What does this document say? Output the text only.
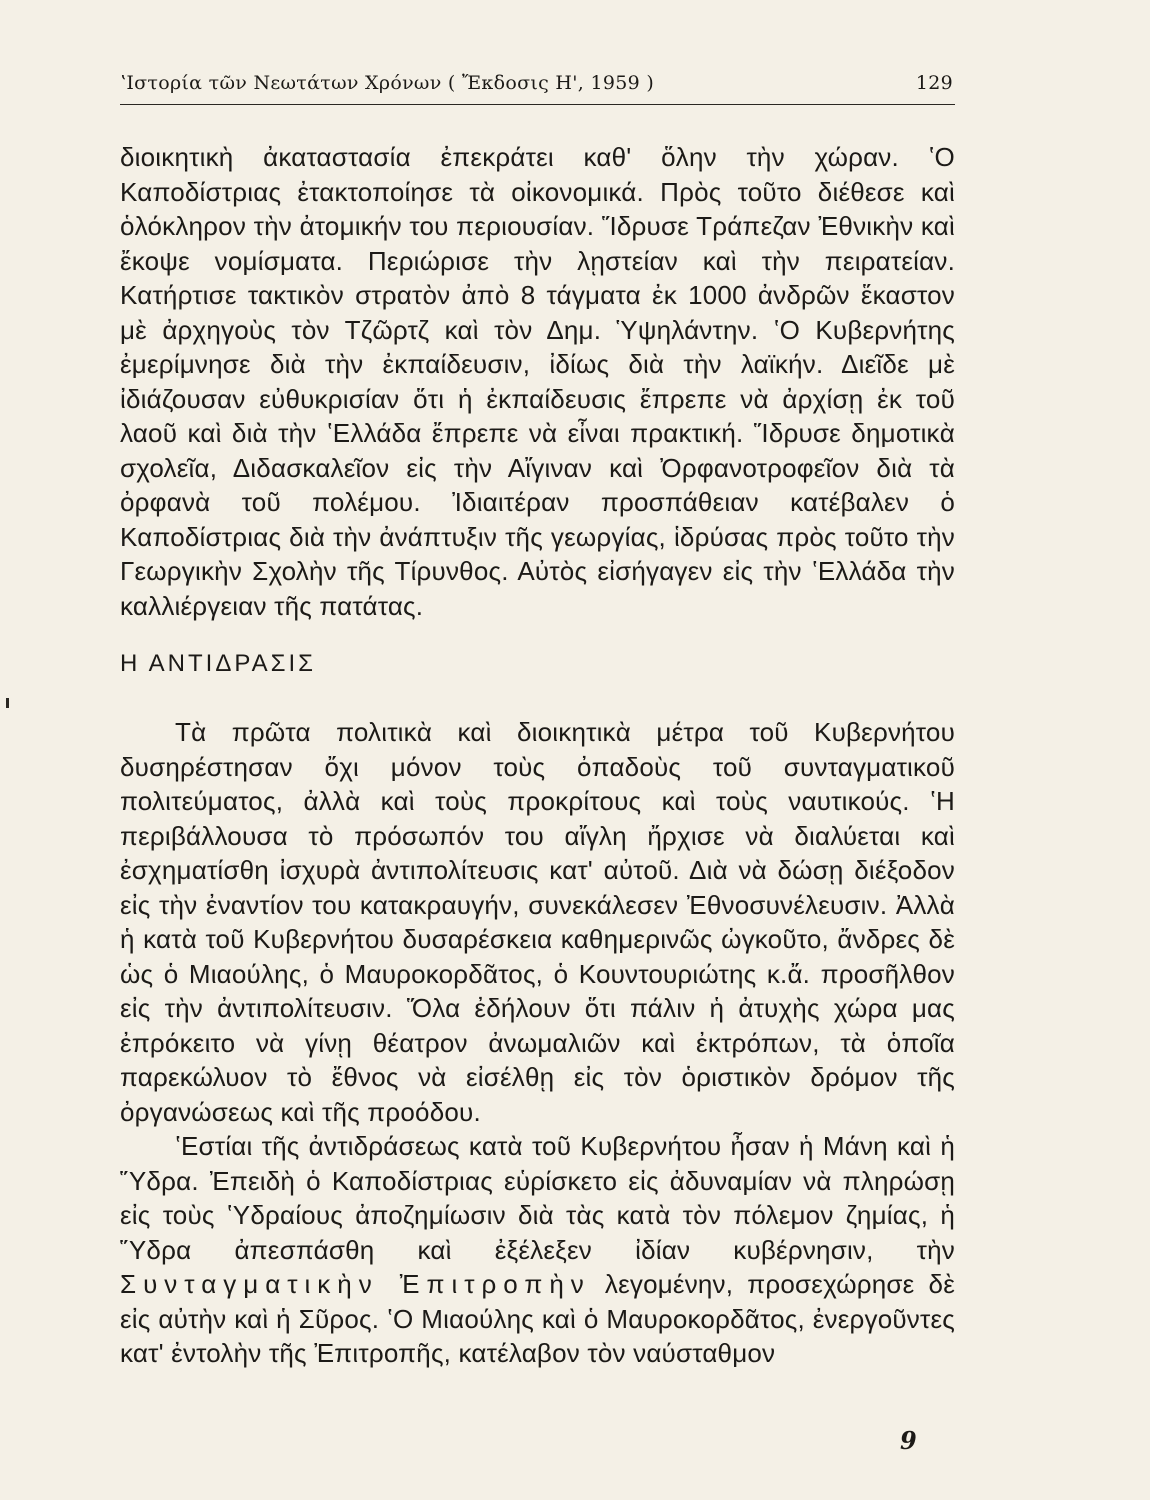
ʽΙστορία τῶν Νεωτάτων Χρόνων ( Ἔκδοσις Η', 1959 )	129

διοικητικὴ ἀκαταστασία ἐπεκράτει καθ' ὅλην τὴν χώραν. ʽΟ Καποδίστριας ἐτακτοποίησε τὰ οἰκονομικά. Πρὸς τοῦτο διέθεσε καὶ ὁλόκληρον τὴν ἀτομικήν του περιουσίαν. Ἵδρυσε Τράπεζαν Ἐθνικὴν καὶ ἔκοψε νομίσματα. Περιώρισε τὴν λῃστείαν καὶ τὴν πειρατείαν. Κατήρτισε τακτικὸν στρατὸν ἀπὸ 8 τάγματα ἐκ 1000 ἀνδρῶν ἕκαστον μὲ ἀρχηγοὺς τὸν Τζῶρτζ καὶ τὸν Δημ. Ὑψηλάντην. ʽΟ Κυβερνήτης ἐμερίμνησε διὰ τὴν ἐκπαίδευσιν, ἰδίως διὰ τὴν λαϊκήν. Διεῖδε μὲ ἰδιάζουσαν εὐθυκρισίαν ὅτι ἡ ἐκπαίδευσις ἔπρεπε νὰ ἀρχίσῃ ἐκ τοῦ λαοῦ καὶ διὰ τὴν ʽΕλλάδα ἔπρεπε νὰ εἶναι πρακτική. Ἵδρυσε δημοτικὰ σχολεῖα, Διδασκαλεῖον εἰς τὴν Αἴγιναν καὶ Ὀρφανοτροφεῖον διὰ τὰ ὀρφανὰ τοῦ πολέμου. Ἰδιαιτέραν προσπάθειαν κατέβαλεν ὁ Καποδίστριας διὰ τὴν ἀνάπτυξιν τῆς γεωργίας, ἱδρύσας πρὸς τοῦτο τὴν Γεωργικὴν Σχολὴν τῆς Τίρυνθος. Αὐτὸς εἰσήγαγεν εἰς τὴν ʽΕλλάδα τὴν καλλιέργειαν τῆς πατάτας.

Η ΑΝΤΙΔΡΑΣΙΣ

Τὰ πρῶτα πολιτικὰ καὶ διοικητικὰ μέτρα τοῦ Κυβερνήτου δυσηρέστησαν ὄχι μόνον τοὺς ὀπαδοὺς τοῦ συνταγματικοῦ πολιτεύματος, ἀλλὰ καὶ τοὺς προκρίτους καὶ τοὺς ναυτικούς. ʽΗ περιβάλλουσα τὸ πρόσωπόν του αἴγλη ἤρχισε νὰ διαλύεται καὶ ἐσχηματίσθη ἰσχυρὰ ἀντιπολίτευσις κατ' αὐτοῦ. Διὰ νὰ δώσῃ διέξοδον εἰς τὴν ἐναντίον του κατακραυγήν, συνεκάλεσεν Ἐθνοσυνέλευσιν. Ἀλλὰ ἡ κατὰ τοῦ Κυβερνήτου δυσαρέσκεια καθημερινῶς ὠγκοῦτο, ἄνδρες δὲ ὡς ὁ Μιαούλης, ὁ Μαυροκορδᾶτος, ὁ Κουντουριώτης κ.ἄ. προσῆλθον εἰς τὴν ἀντιπολίτευσιν. Ὅλα ἐδήλουν ὅτι πάλιν ἡ ἀτυχὴς χώρα μας ἐπρόκειτο νὰ γίνῃ θέατρον ἀνωμαλιῶν καὶ ἐκτρόπων, τὰ ὁποῖα παρεκώλυον τὸ ἔθνος νὰ εἰσέλθῃ εἰς τὸν ὁριστικὸν δρόμον τῆς ὀργανώσεως καὶ τῆς προόδου.

ʽΕστίαι τῆς ἀντιδράσεως κατὰ τοῦ Κυβερνήτου ἦσαν ἡ Μάνη καὶ ἡ Ὕδρα. Ἐπειδὴ ὁ Καποδίστριας εὑρίσκετο εἰς ἀδυναμίαν νὰ πληρώσῃ εἰς τοὺς ʽΥδραίους ἀποζημίωσιν διὰ τὰς κατὰ τὸν πόλεμον ζημίας, ἡ Ὕδρα ἀπεσπάσθη καὶ ἐξέλεξεν ἰδίαν κυβέρνησιν, τὴν Συνταγματικὴν Ἐπιτροπὴν λεγομένην, προσεχώρησε δὲ εἰς αὐτὴν καὶ ἡ Σῦρος. ʽΟ Μιαούλης καὶ ὁ Μαυροκορδᾶτος, ἐνεργοῦντες κατ' ἐντολὴν τῆς Ἐπιτροπῆς, κατέλαβον τὸν ναύσταθμον

9
